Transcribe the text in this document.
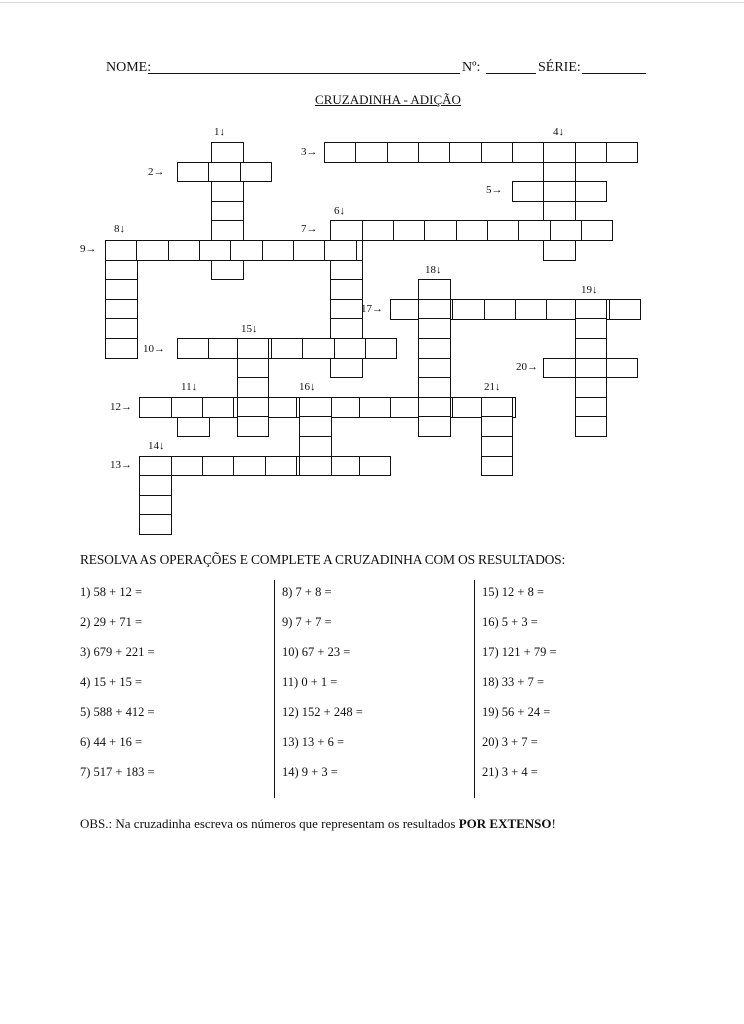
NOME:	Nº:	SÉRIE:
CRUZADINHA - ADIÇÃO
1↓
2→
3→
4↓
5→
6↓
7→
8↓
9→
10→
11↓
12→
13→
14↓
15↓
16↓
17→
18↓
19↓
20→
21↓
RESOLVA AS OPERAÇÕES E COMPLETE A CRUZADINHA COM OS RESULTADOS:
1) 58 + 12 =
2) 29 + 71 =
3) 679 + 221 =
4) 15 + 15 =
5) 588 + 412 =
6) 44 + 16 =
7) 517 + 183 =
8) 7 + 8 =
9) 7 + 7 =
10) 67 + 23 =
11) 0 + 1 =
12) 152 + 248 =
13) 13 + 6 =
14) 9 + 3 =
15) 12 + 8 =
16) 5 + 3 =
17) 121 + 79 =
18) 33 + 7 =
19) 56 + 24 =
20) 3 + 7 =
21) 3 + 4 =
OBS.: Na cruzadinha escreva os números que representam os resultados POR EXTENSO!
